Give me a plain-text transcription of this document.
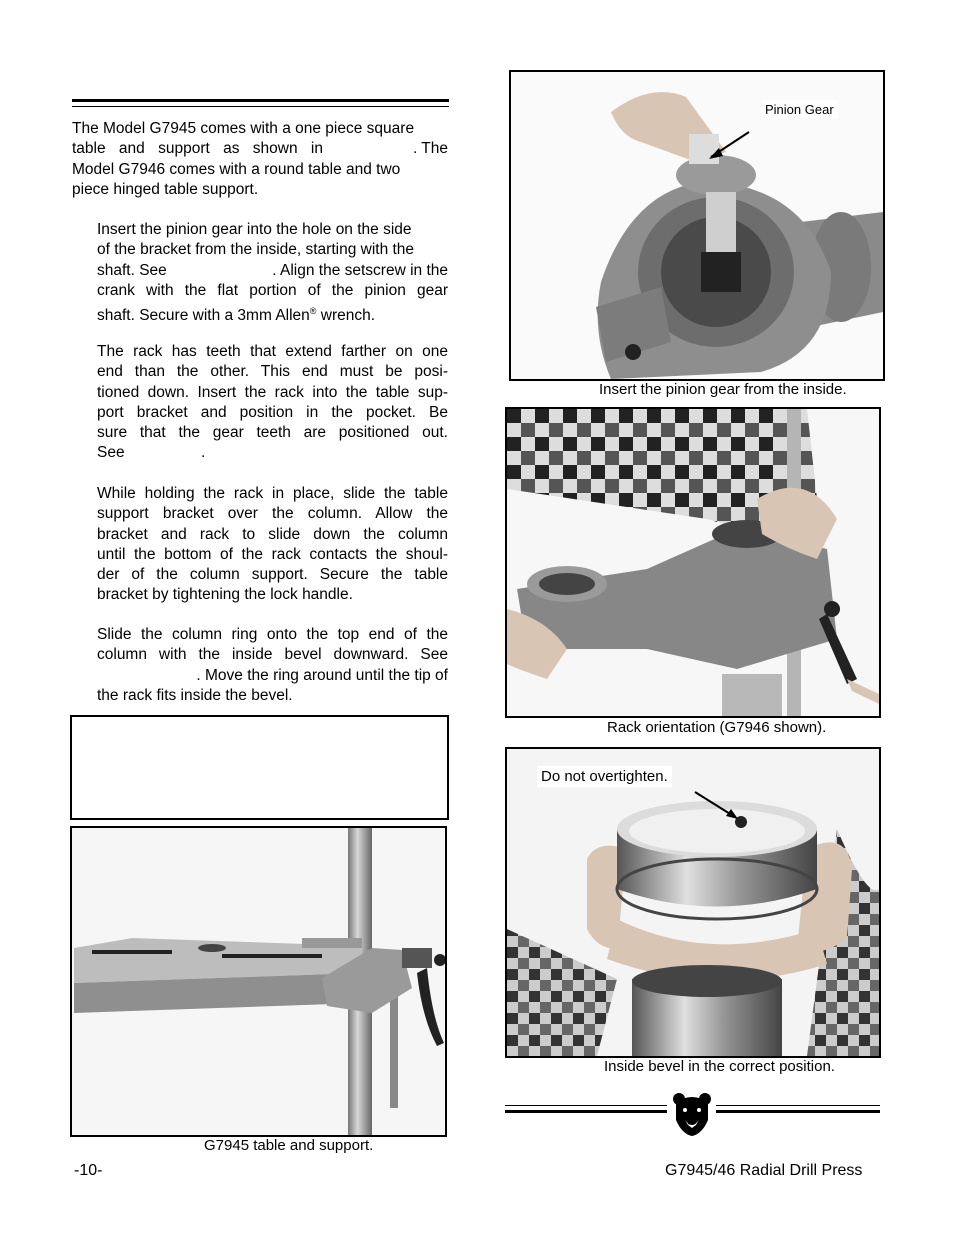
The Model G7945 comes with a one piece square
table and support as shown in	. The
Model G7946 comes with a round table and two
piece hinged table support.
Insert the pinion gear into the hole on the side
of the bracket from the inside, starting with the
shaft. See	. Align the setscrew in the
crank with the flat portion of the pinion gear
shaft. Secure with a 3mm Allen® wrench.
The rack has teeth that extend farther on one
end than the other. This end must be posi-
tioned down. Insert the rack into the table sup-
port bracket and position in the pocket. Be
sure that the gear teeth are positioned out.
See	.
While holding the rack in place, slide the table
support bracket over the column. Allow the
bracket and rack to slide down the column
until the bottom of the rack contacts the shoul-
der of the column support. Secure the table
bracket by tightening the lock handle.
Slide the column ring onto the top end of the
column with the inside bevel downward. See
. Move the ring around until the tip of
the rack fits inside the bevel.
G7945 table and support.
Pinion Gear
Insert the pinion gear from the inside.
Rack orientation (G7946 shown).
Do not overtighten.
Inside bevel in the correct position.
-10-	G7945/46 Radial Drill Press
